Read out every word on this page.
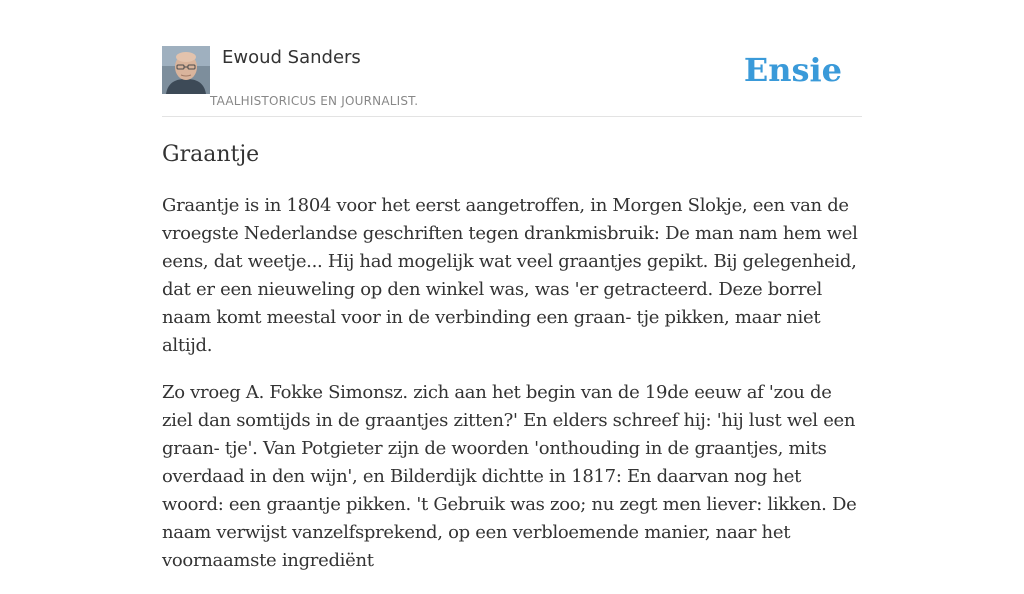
Ewoud Sanders
TAALHISTORICUS EN JOURNALIST.
Ensie
Graantje

Graantje is in 1804 voor het eerst aangetroffen, in Morgen Slokje, een van de vroegste Nederlandse geschriften tegen drankmisbruik: De man nam hem wel eens, dat weetje... Hij had mogelijk wat veel graantjes gepikt. Bij gelegenheid, dat er een nieuweling op den winkel was, was 'er getracteerd. Deze borrel naam komt meestal voor in de verbinding een graan- tje pikken, maar niet altijd.

Zo vroeg A. Fokke Simonsz. zich aan het begin van de 19de eeuw af 'zou de ziel dan somtijds in de graantjes zitten?' En elders schreef hij: 'hij lust wel een graan- tje'. Van Potgieter zijn de woorden 'onthouding in de graantjes, mits overdaad in den wijn', en Bilderdijk dichtte in 1817: En daarvan nog het woord: een graantje pikken. 't Gebruik was zoo; nu zegt men liever: likken. De naam verwijst vanzelfsprekend, op een verbloemende manier, naar het voornaamste ingrediënt
